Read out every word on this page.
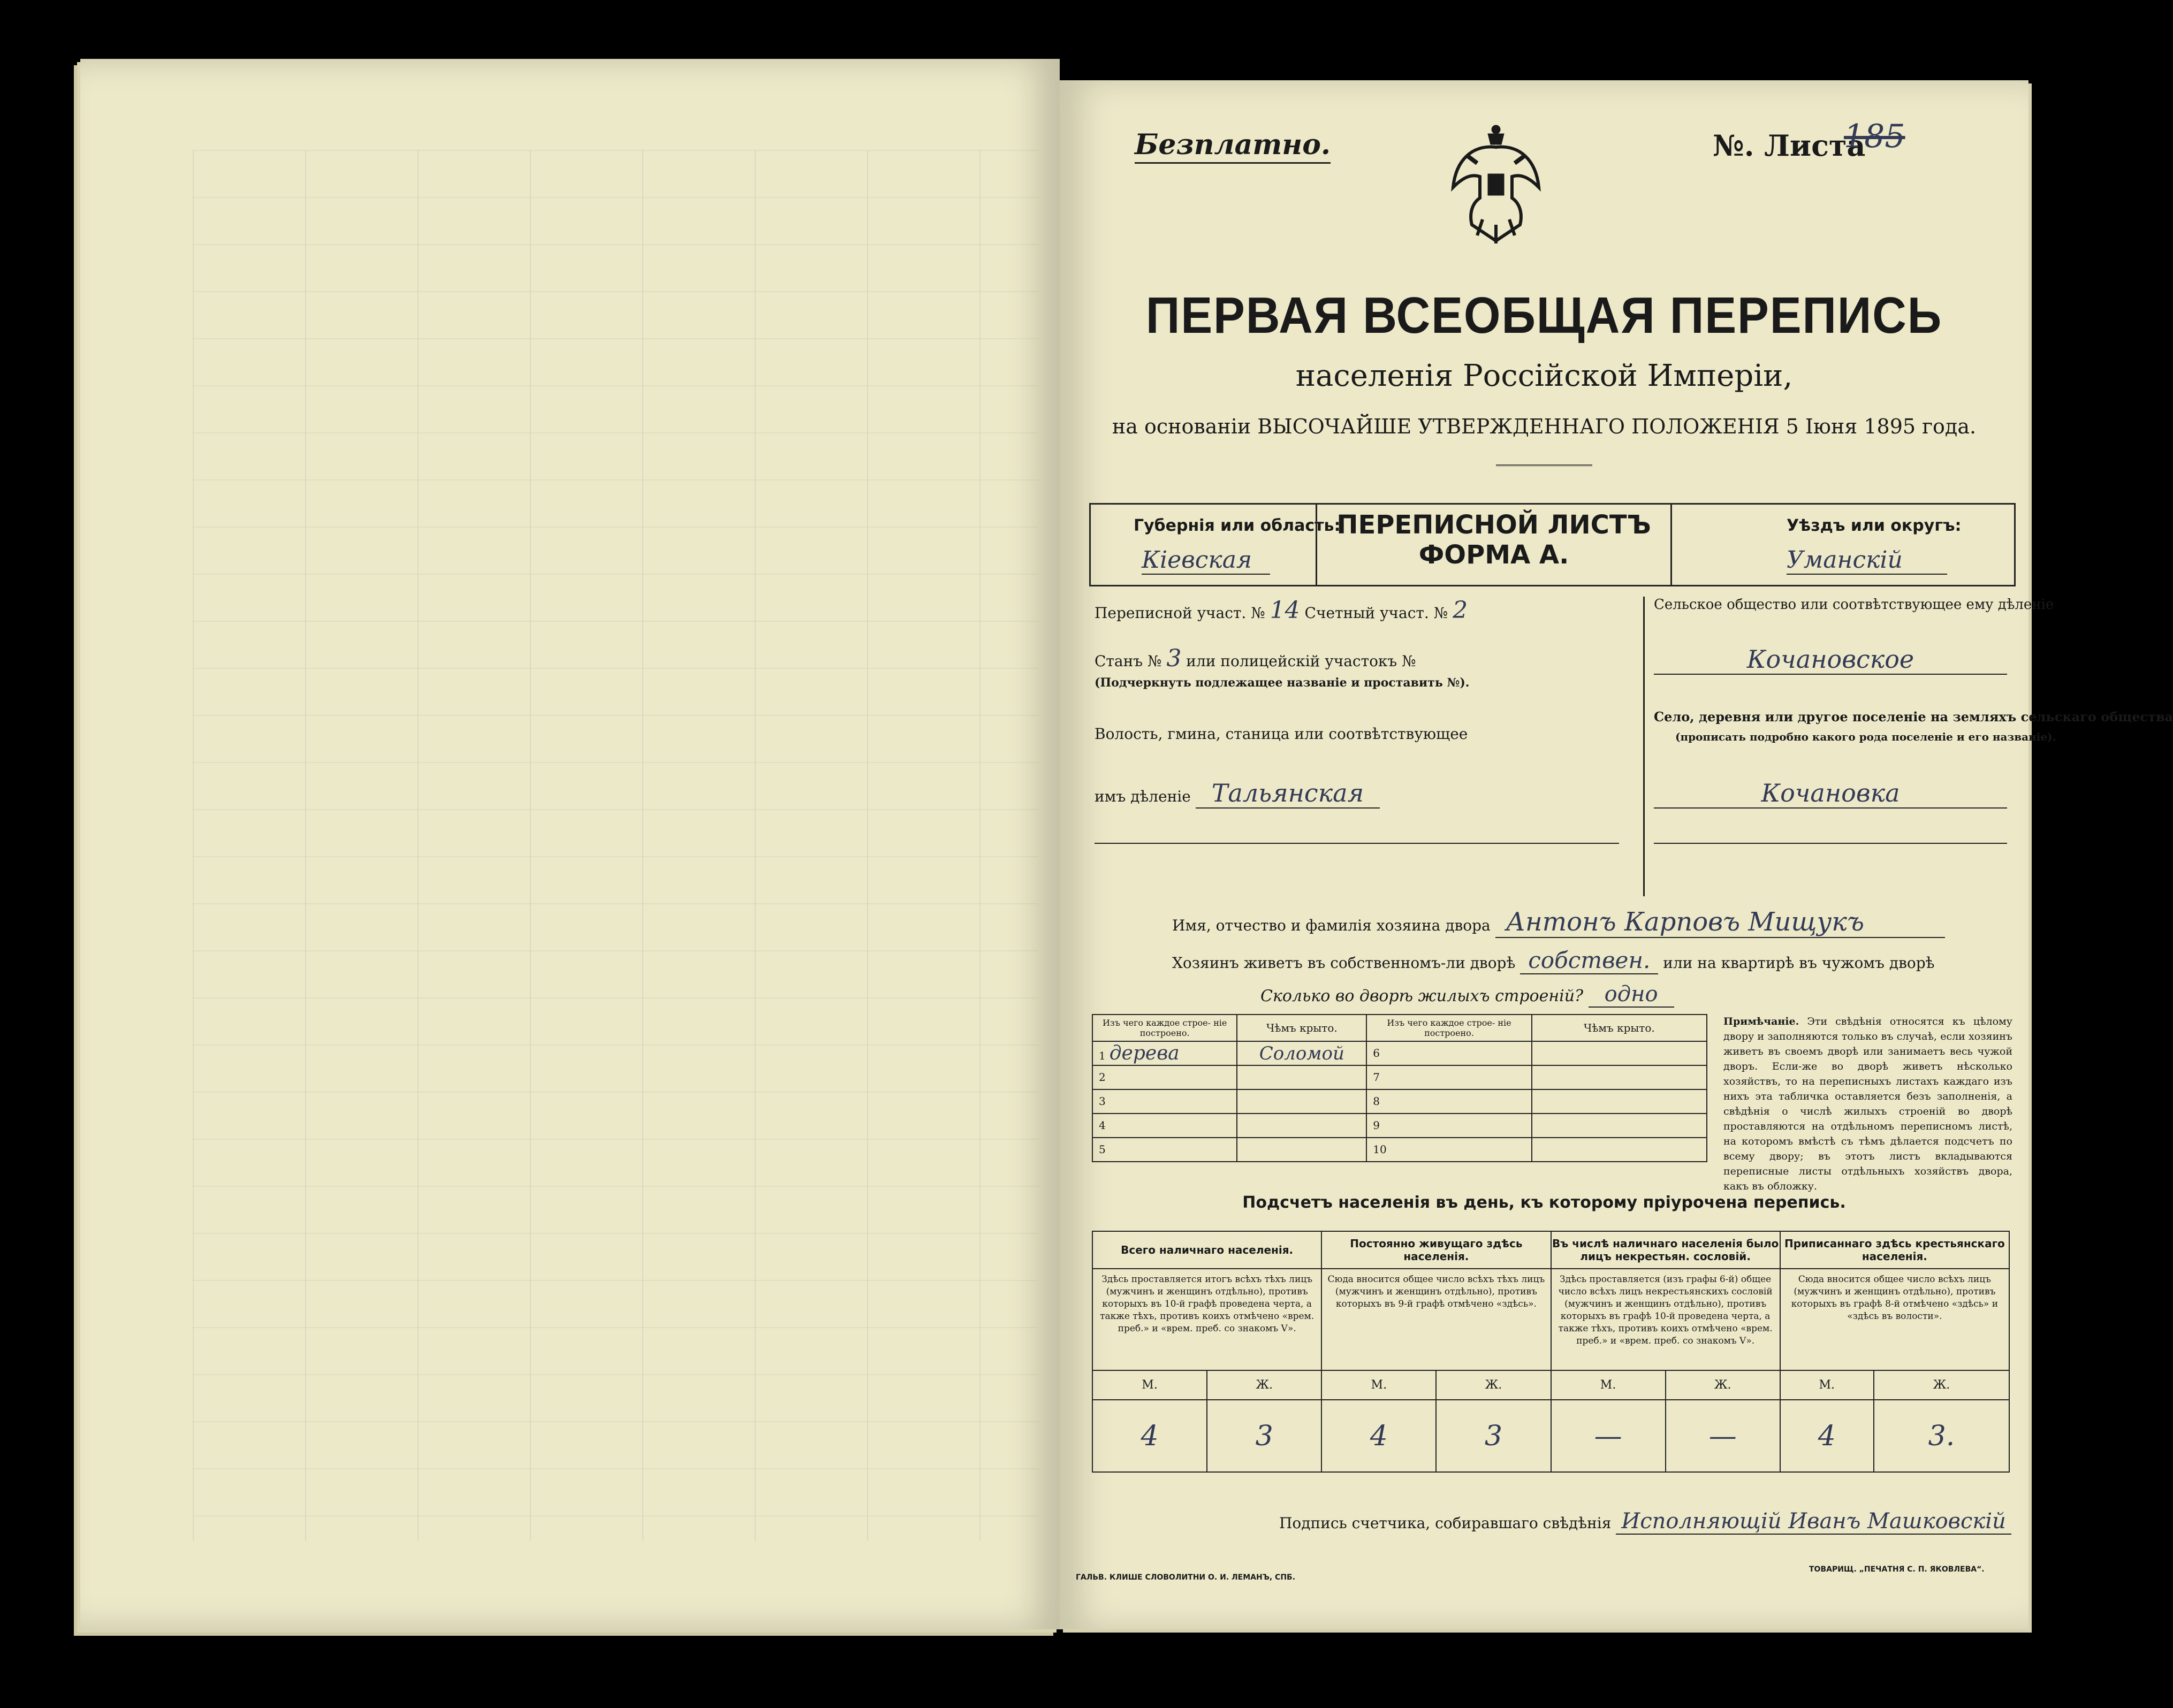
Безплатно.	№. Листа
185
ПЕРВАЯ ВСЕОБЩАЯ ПЕРЕПИСЬ
населенія Россійской Имперіи,
на основаніи ВЫСОЧАЙШЕ УТВЕРЖДЕННАГО ПОЛОЖЕНІЯ 5 Іюня 1895 года.
Губернія или область:
Кіевская
ПЕРЕПИСНОЙ ЛИСТЪ
ФОРМА А.
Уѣздъ или округъ:
Уманскій
Переписной участ. № 14 Счетный участ. № 2
Станъ № 3 или полицейскій участокъ №
(Подчеркнуть подлежащее названіе и проставить №).
Волость, гмина, станица или соотвѣтствующее
имъ дѣленіе Тальянская
Сельское общество или соотвѣтствующее ему дѣленіе
Кочановское
Село, деревня или другое поселеніе на земляхъ сельскаго общества
(прописать подробно какого рода поселеніе и его названіе).
Кочановка
Имя, отчество и фамилія хозяина двора Антонъ Карповъ Мищукъ
Хозяинъ живетъ въ собственномъ-ли дворѣ собствен. или на квартирѣ въ чужомъ дворѣ
Сколько во дворѣ жилыхъ строеній? одно
Изъ чего каждое строе- ніе построено.	Чѣмъ крыто.	Изъ чего каждое строе- ніе построено.	Чѣмъ крыто.
1 дерева	Соломой	6	
2		7	
3		8	
4		9	
5		10	
Примѣчаніе. Эти свѣдѣнія относятся къ цѣлому двору и заполняются только въ случаѣ, если хозяинъ живетъ въ своемъ дворѣ или занимаетъ весь чужой дворъ. Если-же во дворѣ живетъ нѣсколько хозяйствъ, то на переписныхъ листахъ каждаго изъ нихъ эта табличка оставляется безъ заполненія, а свѣдѣнія о числѣ жилыхъ строеній во дворѣ проставляются на отдѣльномъ переписномъ листѣ, на которомъ вмѣстѣ съ тѣмъ дѣлается подсчетъ по всему двору; въ этотъ листъ вкладываются переписные листы отдѣльныхъ хозяйствъ двора, какъ въ обложку.
Подсчетъ населенія въ день, къ которому пріурочена перепись.
Всего наличнаго населенія.		Постоянно живущаго здѣсь населенія.		Въ числѣ наличнаго населенія было лицъ некрестьян. сословій.		Приписаннаго здѣсь крестьянскаго населенія.	
Здѣсь проставляется итогъ всѣхъ тѣхъ лицъ (мужчинъ и женщинъ отдѣльно), противъ которыхъ въ 10-й графѣ проведена черта, а также тѣхъ, противъ коихъ отмѣчено «врем. преб.» и «врем. преб. со знакомъ V».		Сюда вносится общее число всѣхъ тѣхъ лицъ (мужчинъ и женщинъ отдѣльно), противъ которыхъ въ 9-й графѣ отмѣчено «здѣсь».		Здѣсь проставляется (изъ графы 6-й) общее число всѣхъ лицъ некрестьянскихъ сословій (мужчинъ и женщинъ отдѣльно), противъ которыхъ въ графѣ 10-й проведена черта, а также тѣхъ, противъ коихъ отмѣчено «врем. преб.» и «врем. преб. со знакомъ V».		Сюда вносится общее число всѣхъ лицъ (мужчинъ и женщинъ отдѣльно), противъ которыхъ въ графѣ 8-й отмѣчено «здѣсь» и «здѣсь въ волости».	
М.	Ж.	М.	Ж.	М.	Ж.	М.	Ж.
4	3	4	3	—	—	4	3.
Подпись счетчика, собиравшаго свѣдѣнія Исполняющій Иванъ Машковскій
ГАЛЬВ. КЛИШЕ СЛОВОЛИТНИ О. И. ЛЕМАНЪ, СПБ.
ТОВАРИЩ. „ПЕЧАТНЯ С. П. ЯКОВЛЕВА“.
